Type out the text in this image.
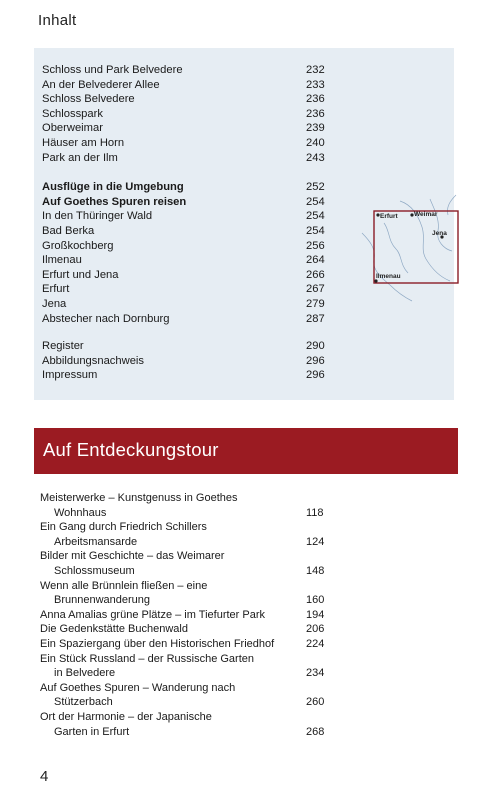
Inhalt
Schloss und Park Belvedere	232
An der Belvederer Allee	233
Schloss Belvedere	236
Schlosspark	236
Oberweimar	239
Häuser am Horn	240
Park an der Ilm	243
Ausflüge in die Umgebung	252
Auf Goethes Spuren reisen	254
In den Thüringer Wald	254
Bad Berka	254
Großkochberg	256
Ilmenau	264
Erfurt und Jena	266
Erfurt	267
Jena	279
Abstecher nach Dornburg	287
Register	290
Abbildungsnachweis	296
Impressum	296
Erfurt	Weimar
Jena
Ilmenau
Auf Entdeckungstour
Meisterwerke – Kunstgenuss in Goethes
Wohnhaus	118
Ein Gang durch Friedrich Schillers
Arbeitsmansarde	124
Bilder mit Geschichte – das Weimarer
Schlossmuseum	148
Wenn alle Brünnlein fließen – eine
Brunnenwanderung	160
Anna Amalias grüne Plätze – im Tiefurter Park	194
Die Gedenkstätte Buchenwald	206
Ein Spaziergang über den Historischen Friedhof	224
Ein Stück Russland – der Russische Garten
in Belvedere	234
Auf Goethes Spuren – Wanderung nach
Stützerbach	260
Ort der Harmonie – der Japanische
Garten in Erfurt	268
4
